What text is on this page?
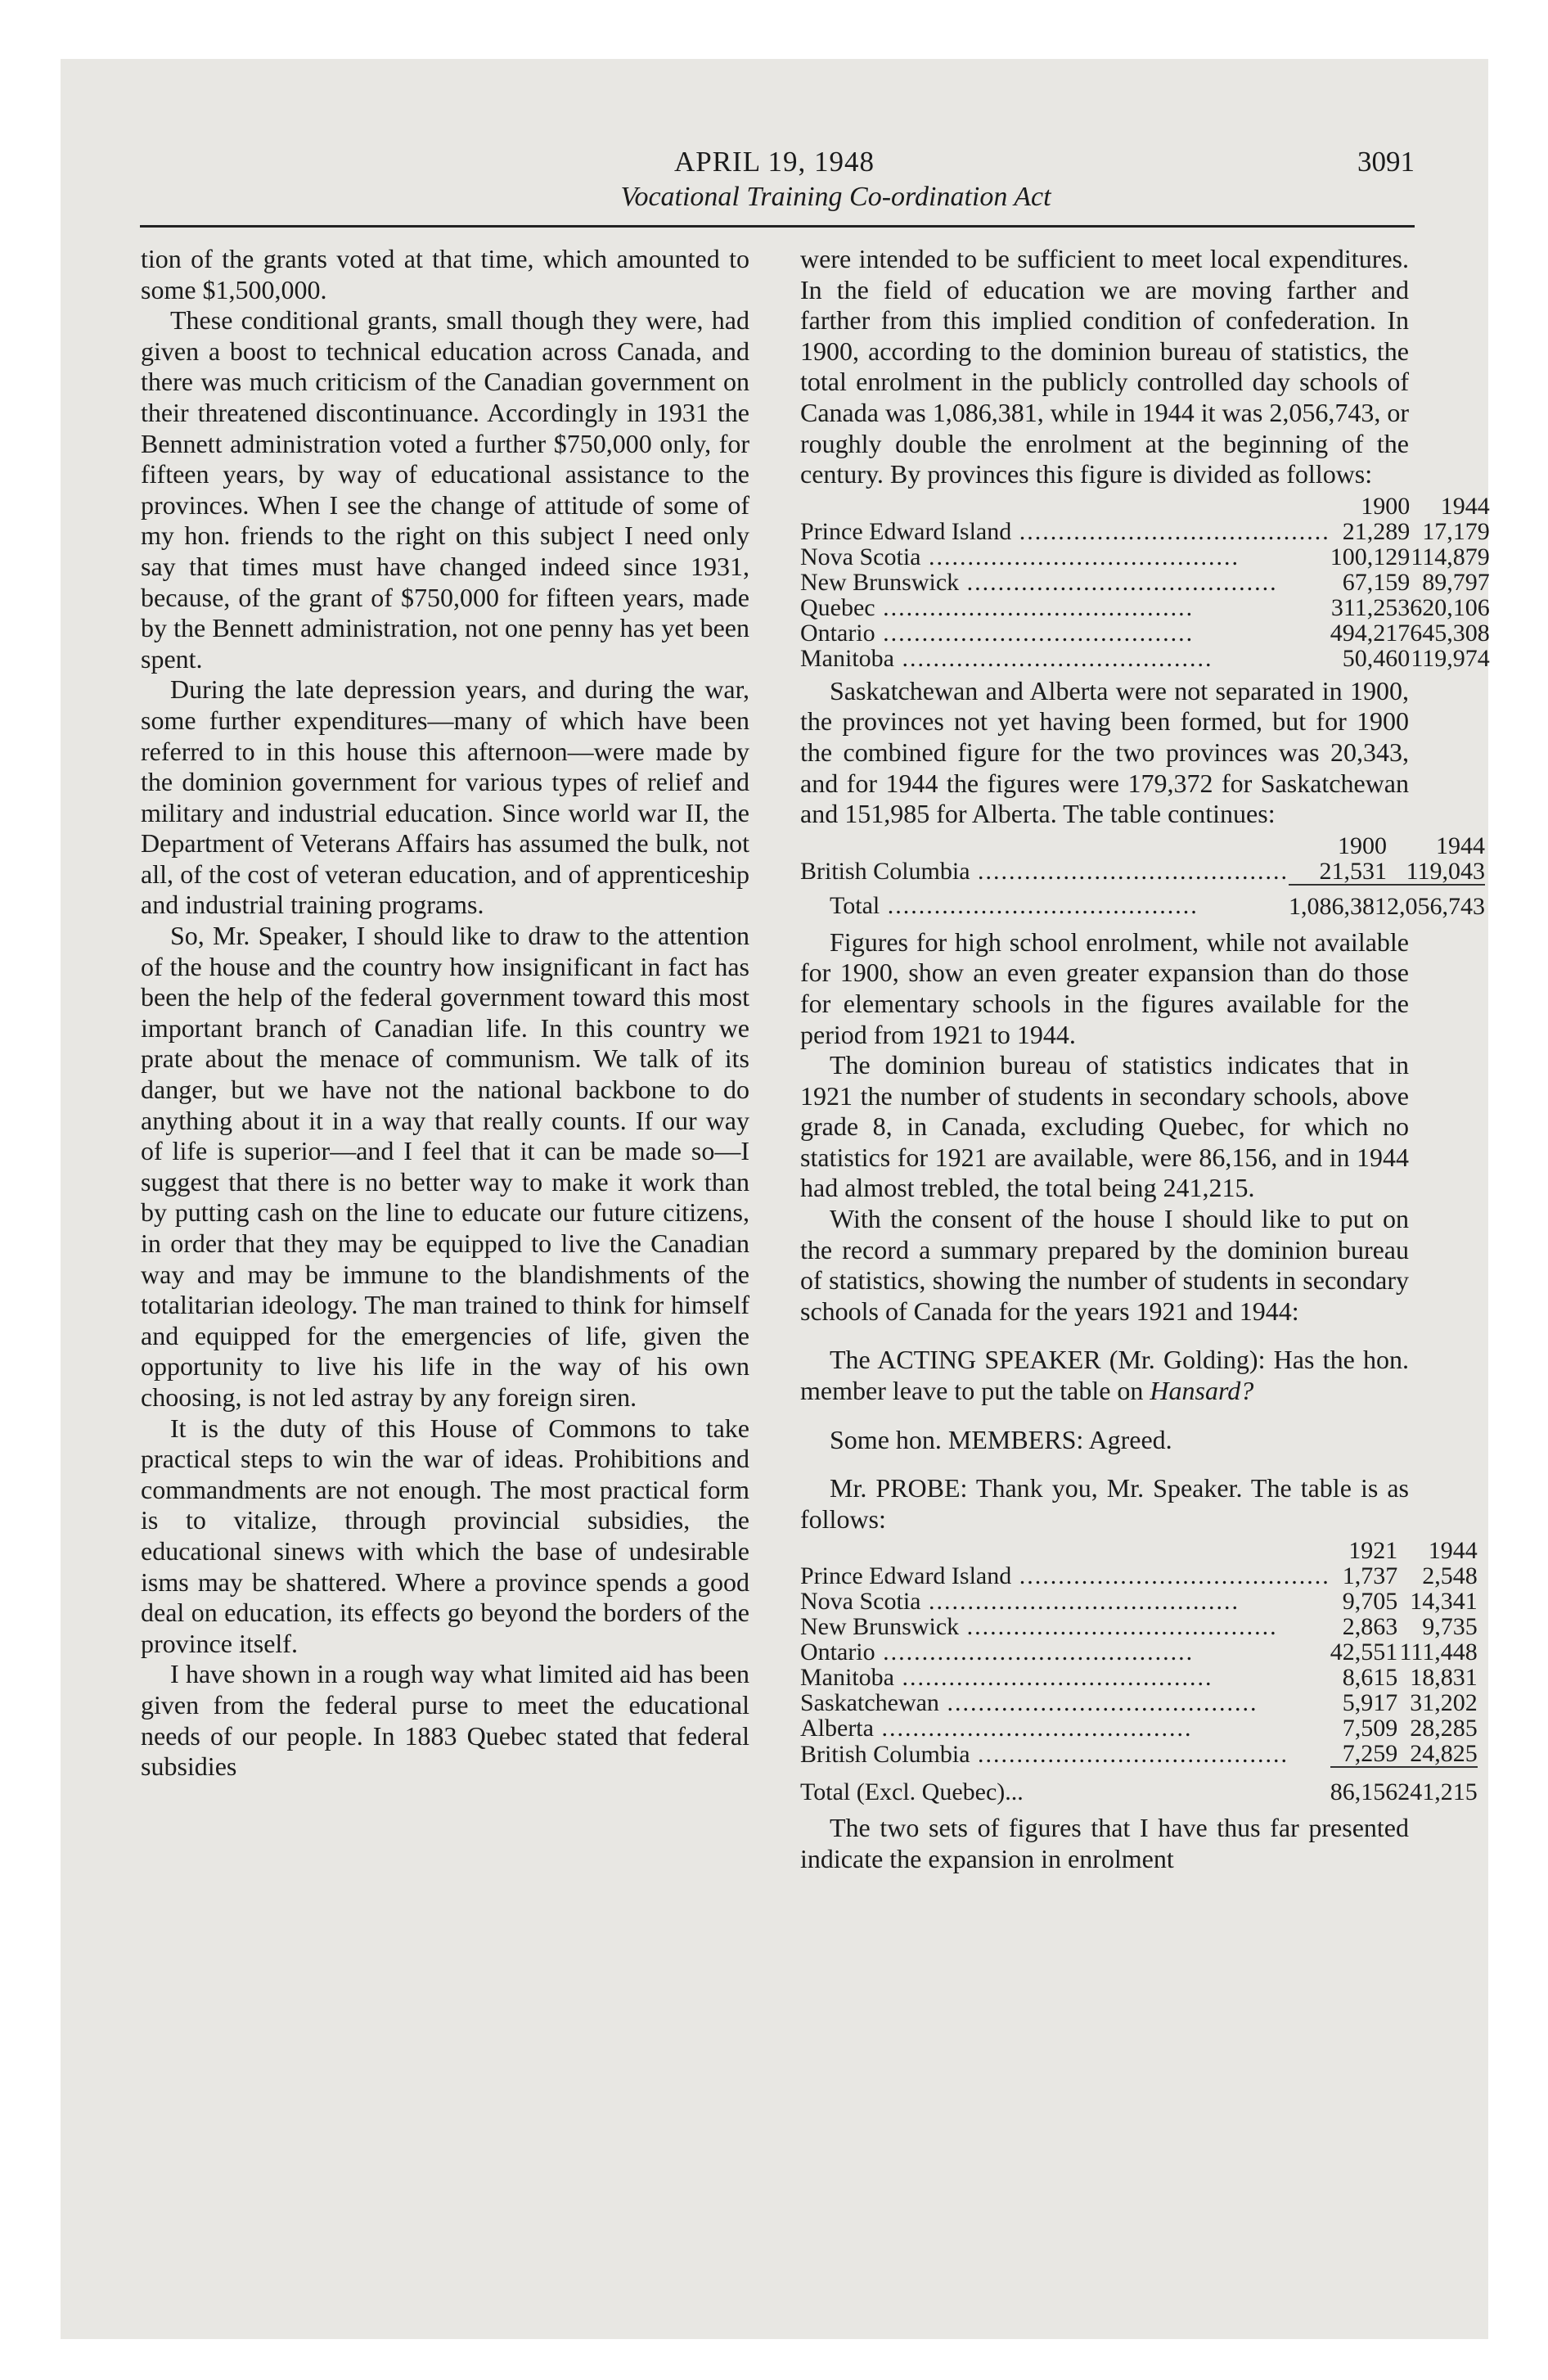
APRIL 19, 1948	3091
Vocational Training Co-ordination Act

tion of the grants voted at that time, which amounted to some $1,500,000.

These conditional grants, small though they were, had given a boost to technical education across Canada, and there was much criticism of the Canadian government on their threatened discontinuance. Accordingly in 1931 the Bennett administration voted a further $750,000 only, for fifteen years, by way of educational assistance to the provinces. When I see the change of attitude of some of my hon. friends to the right on this subject I need only say that times must have changed indeed since 1931, because, of the grant of $750,000 for fifteen years, made by the Bennett administration, not one penny has yet been spent.

During the late depression years, and during the war, some further expenditures—many of which have been referred to in this house this afternoon—were made by the dominion government for various types of relief and military and industrial education. Since world war II, the Department of Veterans Affairs has assumed the bulk, not all, of the cost of veteran education, and of apprenticeship and industrial training programs.

So, Mr. Speaker, I should like to draw to the attention of the house and the country how insignificant in fact has been the help of the federal government toward this most important branch of Canadian life. In this country we prate about the menace of communism. We talk of its danger, but we have not the national backbone to do anything about it in a way that really counts. If our way of life is superior—and I feel that it can be made so—I suggest that there is no better way to make it work than by putting cash on the line to educate our future citizens, in order that they may be equipped to live the Canadian way and may be immune to the blandishments of the totalitarian ideology. The man trained to think for himself and equipped for the emergencies of life, given the opportunity to live his life in the way of his own choosing, is not led astray by any foreign siren.

It is the duty of this House of Commons to take practical steps to win the war of ideas. Prohibitions and commandments are not enough. The most practical form is to vitalize, through provincial subsidies, the educational sinews with which the base of undesirable isms may be shattered. Where a province spends a good deal on education, its effects go beyond the borders of the province itself.

I have shown in a rough way what limited aid has been given from the federal purse to meet the educational needs of our people. In 1883 Quebec stated that federal subsidies

were intended to be sufficient to meet local expenditures. In the field of education we are moving farther and farther from this implied condition of confederation. In 1900, according to the dominion bureau of statistics, the total enrolment in the publicly controlled day schools of Canada was 1,086,381, while in 1944 it was 2,056,743, or roughly double the enrolment at the beginning of the century. By provinces this figure is divided as follows:

	1900	1944

Prince Edward Island .....	21,289	17,179

Nova Scotia .....	100,129	114,879

New Brunswick .....	67,159	89,797

Quebec .....	311,253	620,106

Ontario .....	494,217	645,308

Manitoba .....	50,460	119,974

Saskatchewan and Alberta were not separated in 1900, the provinces not yet having been formed, but for 1900 the combined figure for the two provinces was 20,343, and for 1944 the figures were 179,372 for Saskatchewan and 151,985 for Alberta. The table continues:

	1900	1944

British Columbia .....	21,531	119,043

Total .....	1,086,381	2,056,743

Figures for high school enrolment, while not available for 1900, show an even greater expansion than do those for elementary schools in the figures available for the period from 1921 to 1944.

The dominion bureau of statistics indicates that in 1921 the number of students in secondary schools, above grade 8, in Canada, excluding Quebec, for which no statistics for 1921 are available, were 86,156, and in 1944 had almost trebled, the total being 241,215.

With the consent of the house I should like to put on the record a summary prepared by the dominion bureau of statistics, showing the number of students in secondary schools of Canada for the years 1921 and 1944:

The ACTING SPEAKER (Mr. Golding): Has the hon. member leave to put the table on Hansard?

Some hon. MEMBERS: Agreed.

Mr. PROBE: Thank you, Mr. Speaker. The table is as follows:

	1921	1944

Prince Edward Island .....	1,737	2,548

Nova Scotia .....	9,705	14,341

New Brunswick .....	2,863	9,735

Ontario .....	42,551	111,448

Manitoba .....	8,615	18,831

Saskatchewan .....	5,917	31,202

Alberta .....	7,509	28,285

British Columbia .....	7,259	24,825

Total (Excl. Quebec)...	86,156	241,215

The two sets of figures that I have thus far presented indicate the expansion in enrolment
